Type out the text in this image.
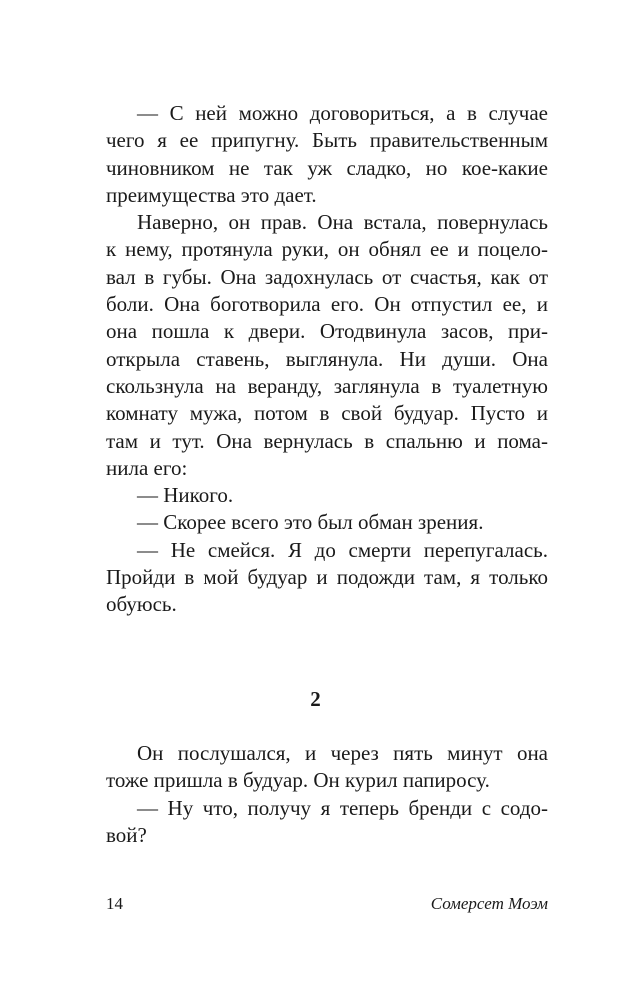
— С ней можно договориться, а в случае
чего я ее припугну. Быть правительственным
чиновником не так уж сладко, но кое-какие
преимущества это дает.
Наверно, он прав. Она встала, повернулась
к нему, протянула руки, он обнял ее и поцело-
вал в губы. Она задохнулась от счастья, как от
боли. Она боготворила его. Он отпустил ее, и
она пошла к двери. Отодвинула засов, при-
открыла ставень, выглянула. Ни души. Она
скользнула на веранду, заглянула в туалетную
комнату мужа, потом в свой будуар. Пусто и
там и тут. Она вернулась в спальню и пома-
нила его:
— Никого.
— Скорее всего это был обман зрения.
— Не смейся. Я до смерти перепугалась.
Пройди в мой будуар и подожди там, я только
обуюсь.
2
Он послушался, и через пять минут она
тоже пришла в будуар. Он курил папиросу.
— Ну что, получу я теперь бренди с содо-
вой?
14	Сомерсет Моэм
